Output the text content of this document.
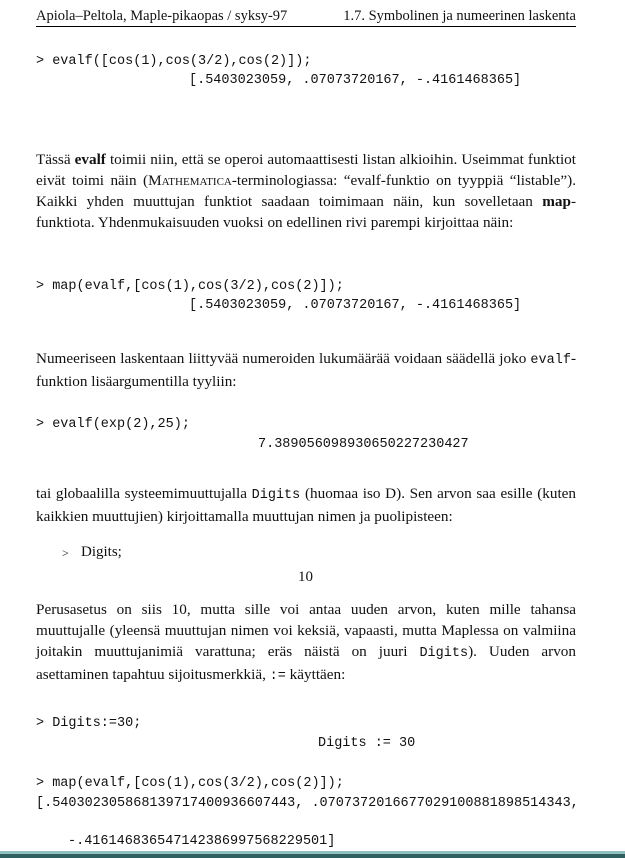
Apiola–Peltola, Maple-pikaopas / syksy-97	1.7. Symbolinen ja numeerinen laskenta
> evalf([cos(1),cos(3/2),cos(2)]);
[.5403023059, .07073720167, -.4161468365]
Tässä evalf toimii niin, että se operoi automaattisesti listan alkioihin. Useimmat funktiot eivät toimi näin (Mathematica-terminologiassa: “evalf-funktio on tyyppiä “listable”). Kaikki yhden muuttujan funktiot saadaan toimimaan näin, kun sovelletaan map-funktiota. Yhdenmukaisuuden vuoksi on edellinen rivi parempi kirjoittaa näin:
> map(evalf,[cos(1),cos(3/2),cos(2)]);
[.5403023059, .07073720167, -.4161468365]
Numeeriseen laskentaan liittyvää numeroiden lukumäärää voidaan säädellä joko evalf-funktion lisäargumentilla tyyliin:
> evalf(exp(2),25);
7.389056098930650227230427
tai globaalilla systeemimuuttujalla Digits (huomaa iso D). Sen arvon saa esille (kuten kaikkien muuttujien) kirjoittamalla muuttujan nimen ja puolipisteen:
> Digits;
10
Perusasetus on siis 10, mutta sille voi antaa uuden arvon, kuten mille tahansa muuttujalle (yleensä muuttujan nimen voi keksiä, vapaasti, mutta Maplessa on valmiina joitakin muuttujanimiä varattuna; eräs näistä on juuri Digits). Uuden arvon asettaminen tapahtuu sijoitusmerkkiä, := käyttäen:
> Digits:=30;
Digits := 30
> map(evalf,[cos(1),cos(3/2),cos(2)]);
[.540302305868139717400936607443, .0707372016677029100881898514343,
-.416146836547142386997568229501]
